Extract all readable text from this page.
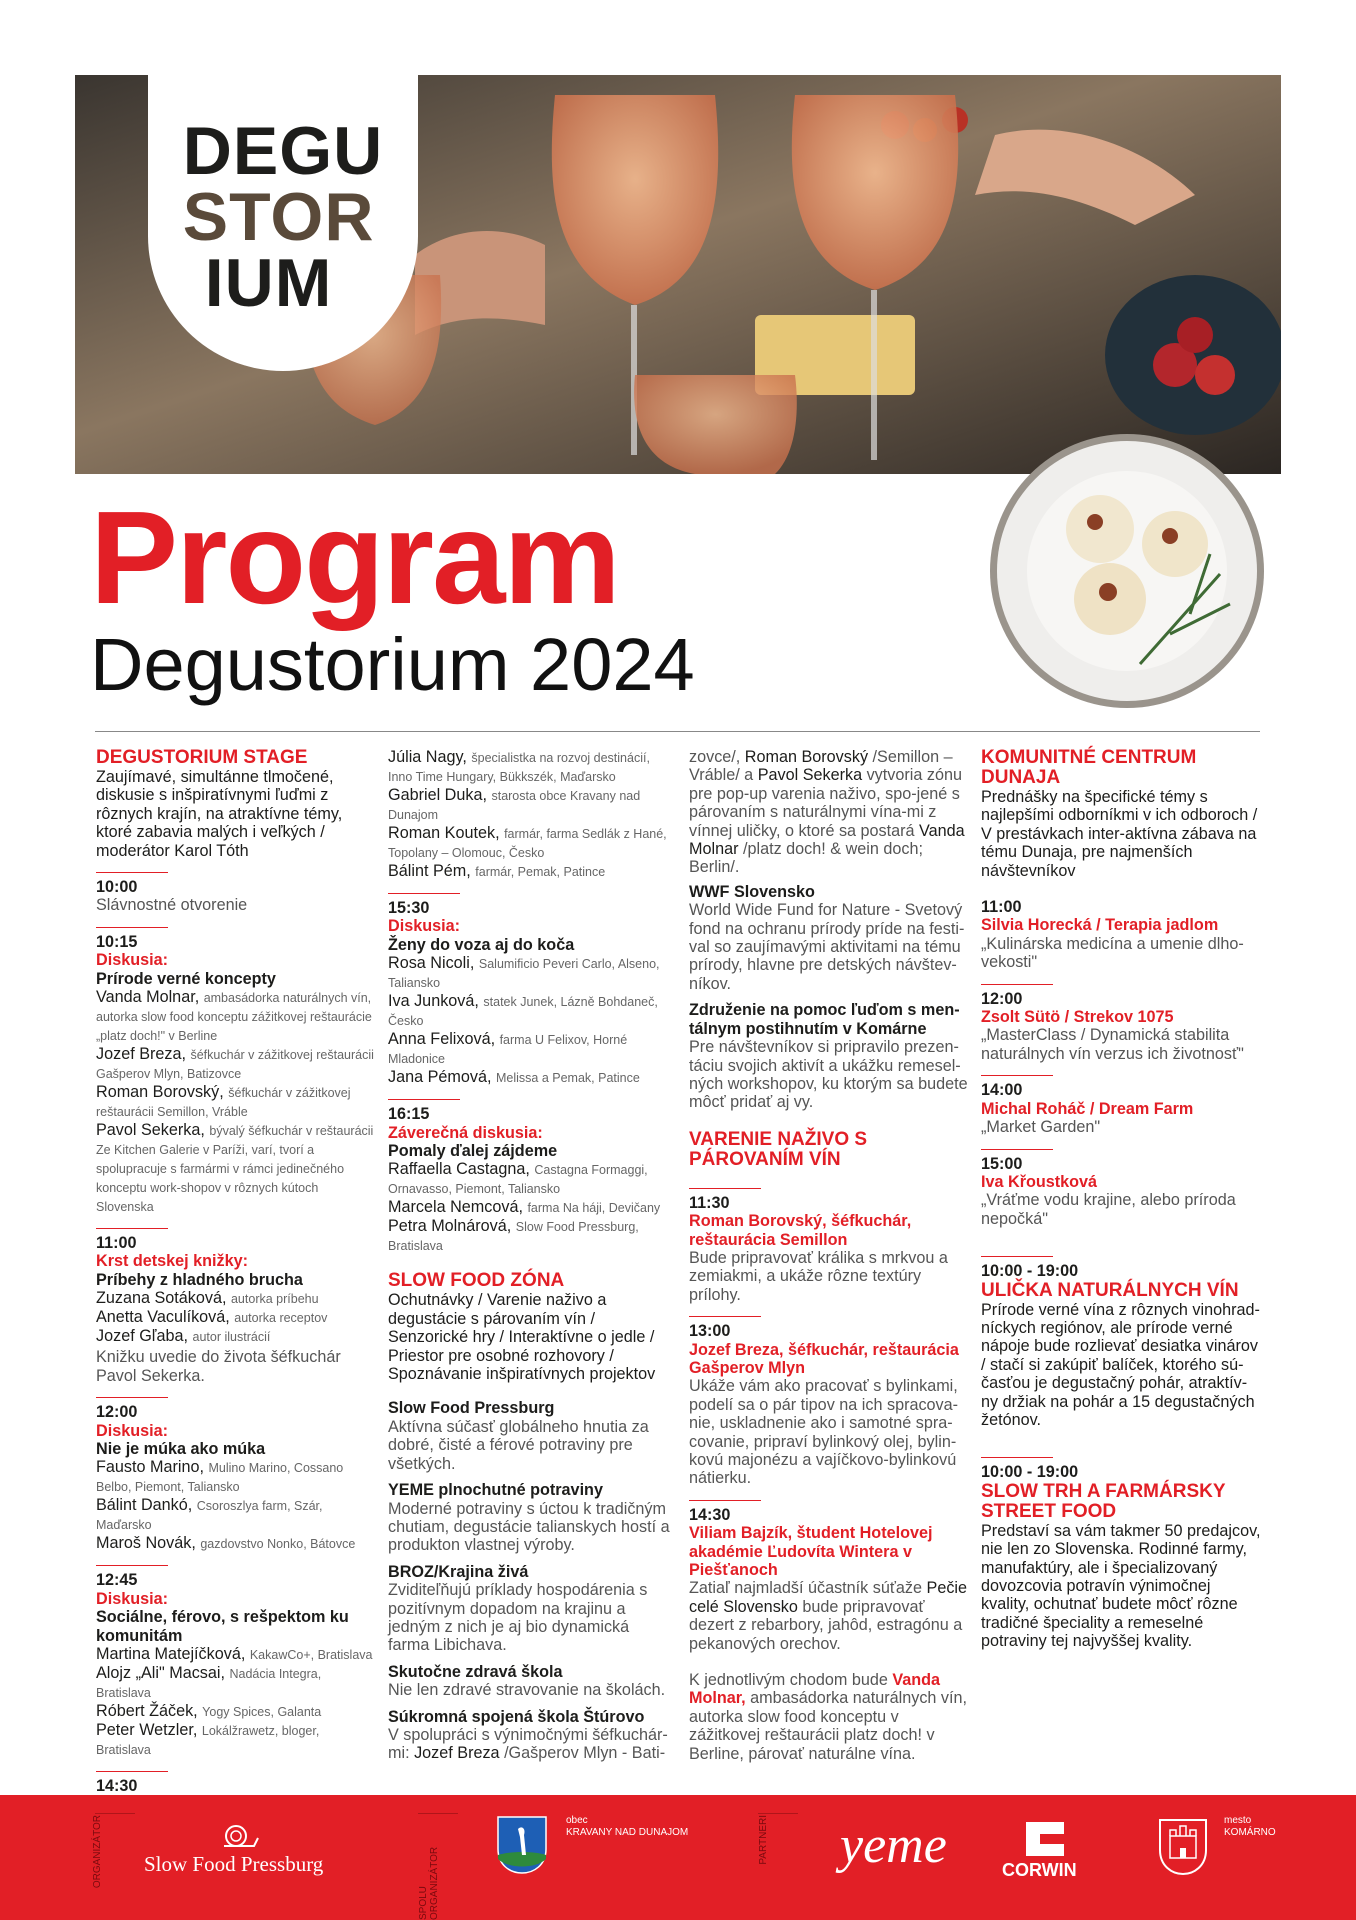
DEGU
STOR
IUM
Program
Degustorium 2024
DEGUSTORIUM STAGE
Zaujímavé, simultánne tlmočené, diskusie s inšpiratívnymi ľuďmi z rôznych krajín, na atraktívne témy, ktoré zabavia malých i veľkých / moderátor Karol Tóth
10:00
Slávnostné otvorenie
10:15
Diskusia:
Prírode verné koncepty
Vanda Molnar, ambasádorka naturálnych vín, autorka slow food konceptu zážitkovej reštaurácie „platz doch!" v Berline
Jozef Breza, šéfkuchár v zážitkovej reštaurácii Gašperov Mlyn, Batizovce
Roman Borovský, šéfkuchár v zážitkovej reštaurácii Semillon, Vráble
Pavol Sekerka, bývalý šéfkuchár v reštaurácii Ze Kitchen Galerie v Paríži, varí, tvorí a spolupracuje s farmármi v rámci jedinečného konceptu work-shopov v rôznych kútoch Slovenska
11:00
Krst detskej knižky:
Príbehy z hladného brucha
Zuzana Sotáková, autorka príbehu
Anetta Vaculíková, autorka receptov
Jozef Gľaba, autor ilustrácií
Knižku uvedie do života šéfkuchár Pavol Sekerka.
12:00
Diskusia:
Nie je múka ako múka
Fausto Marino, Mulino Marino, Cossano Belbo, Piemont, Taliansko
Bálint Dankó, Csoroszlya farm, Szár, Maďarsko
Maroš Novák, gazdovstvo Nonko, Bátovce
12:45
Diskusia:
Sociálne, férovo, s rešpektom ku komunitám
Martina Matejíčková, KakawCo+, Bratislava
Alojz „Ali" Macsai, Nadácia Integra, Bratislava
Róbert Žáček, Yogy Spices, Galanta
Peter Wetzler, Lokálžrawetz, bloger, Bratislava
14:30
Júlia Nagy, špecialistka na rozvoj destinácií, Inno Time Hungary, Bükkszék, Maďarsko
Gabriel Duka, starosta obce Kravany nad Dunajom
Roman Koutek, farmár, farma Sedlák z Hané, Topolany – Olomouc, Česko
Bálint Pém, farmár, Pemak, Patince
15:30
Diskusia:
Ženy do voza aj do koča
Rosa Nicoli, Salumificio Peveri Carlo, Alseno, Taliansko
Iva Junková, statek Junek, Lázně Bohdaneč, Česko
Anna Felixová, farma U Felixov, Horné Mladonice
Jana Pémová, Melissa a Pemak, Patince
16:15
Záverečná diskusia:
Pomaly ďalej zájdeme
Raffaella Castagna, Castagna Formaggi, Ornavasso, Piemont, Taliansko
Marcela Nemcová, farma Na háji, Devičany
Petra Molnárová, Slow Food Pressburg, Bratislava
SLOW FOOD ZÓNA
Ochutnávky / Varenie naživo a degustácie s párovaním vín / Senzorické hry / Interaktívne o jedle / Priestor pre osobné rozhovory / Spoznávanie inšpiratívnych projektov
Slow Food Pressburg
Aktívna súčasť globálneho hnutia za dobré, čisté a férové potraviny pre všetkých.
YEME plnochutné potraviny
Moderné potraviny s úctou k tradičným chutiam, degustácie talianskych hostí a produkton vlastnej výroby.
BROZ/Krajina živá
Zviditeľňujú príklady hospodárenia s pozitívnym dopadom na krajinu a jedným z nich je aj bio dynamická farma Libichava.
Skutočne zdravá škola
Nie len zdravé stravovanie na školách.
Súkromná spojená škola Štúrovo
V spolupráci s výnimočnými šéfkuchár-mi: Jozef Breza /Gašperov Mlyn - Bati-
zovce/, Roman Borovský /Semillon – Vráble/ a Pavol Sekerka vytvoria zónu pre pop-up varenia naživo, spo-jené s párovaním s naturálnymi vína-mi z vínnej uličky, o ktoré sa postará Vanda Molnar /platz doch! & wein doch; Berlin/.
WWF Slovensko
World Wide Fund for Nature - Svetový fond na ochranu prírody príde na festi-val so zaujímavými aktivitami na tému prírody, hlavne pre detských návštev-níkov.
Združenie na pomoc ľuďom s men-tálnym postihnutím v Komárne
Pre návštevníkov si pripravilo prezen-táciu svojich aktivít a ukážku remesel-ných workshopov, ku ktorým sa budete môcť pridať aj vy.
VARENIE NAŽIVO S PÁROVANÍM VÍN
11:30
Roman Borovský, šéfkuchár, reštaurácia Semillon
Bude pripravovať králika s mrkvou a zemiakmi, a ukáže rôzne textúry prílohy.
13:00
Jozef Breza, šéfkuchár, reštaurácia Gašperov Mlyn
Ukáže vám ako pracovať s bylinkami, podelí sa o pár tipov na ich spracova-nie, uskladnenie ako i samotné spra-covanie, pripraví bylinkový olej, bylin-kovú majonézu a vajíčkovo-bylinkovú nátierku.
14:30
Viliam Bajzík, študent Hotelovej akadémie Ľudovíta Wintera v Piešťanoch
Zatiaľ najmladší účastník súťaže Pečie celé Slovensko bude pripravovať dezert z rebarbory, jahôd, estragónu a pekanových orechov.
K jednotlivým chodom bude Vanda Molnar, ambasádorka naturálnych vín, autorka slow food konceptu v zážitkovej reštaurácii platz doch! v Berline, párovať naturálne vína.
KOMUNITNÉ CENTRUM DUNAJA
Prednášky na špecifické témy s najlepšími odborníkmi v ich odboroch / V prestávkach inter-aktívna zábava na tému Dunaja, pre najmenších návštevníkov
11:00
Silvia Horecká / Terapia jadlom
„Kulinárska medicína a umenie dlho-vekosti"
12:00
Zsolt Sütö / Strekov 1075
„MasterClass / Dynamická stabilita naturálnych vín verzus ich životnosť"
14:00
Michal Roháč / Dream Farm
„Market Garden"
15:00
Iva Křoustková
„Vráťme vodu krajine, alebo príroda nepočká"
10:00 - 19:00
ULIČKA NATURÁLNYCH VÍN
Prírode verné vína z rôznych vinohrad-níckych regiónov, ale prírode verné nápoje bude rozlievať desiatka vinárov / stačí si zakúpiť balíček, ktorého sú-časťou je degustačný pohár, atraktív-ny držiak na pohár a 15 degustačných žetónov.
10:00 - 19:00
SLOW TRH A FARMÁRSKY STREET FOOD
Predstaví sa vám takmer 50 predajcov, nie len zo Slovenska. Rodinné farmy, manufaktúry, ale i špecializovaný dovozcovia potravín výnimočnej kvality, ochutnať budete môcť rôzne tradičné špeciality a remeselné potraviny tej najvyššej kvality.
ORGANIZÁTOR Slow Food Pressburg
SPOLU ORGANIZÁTOR
obec
KRAVANY NAD DUNAJOM	PARTNERI yeme	CORWIN
mesto
KOMÁRNO
